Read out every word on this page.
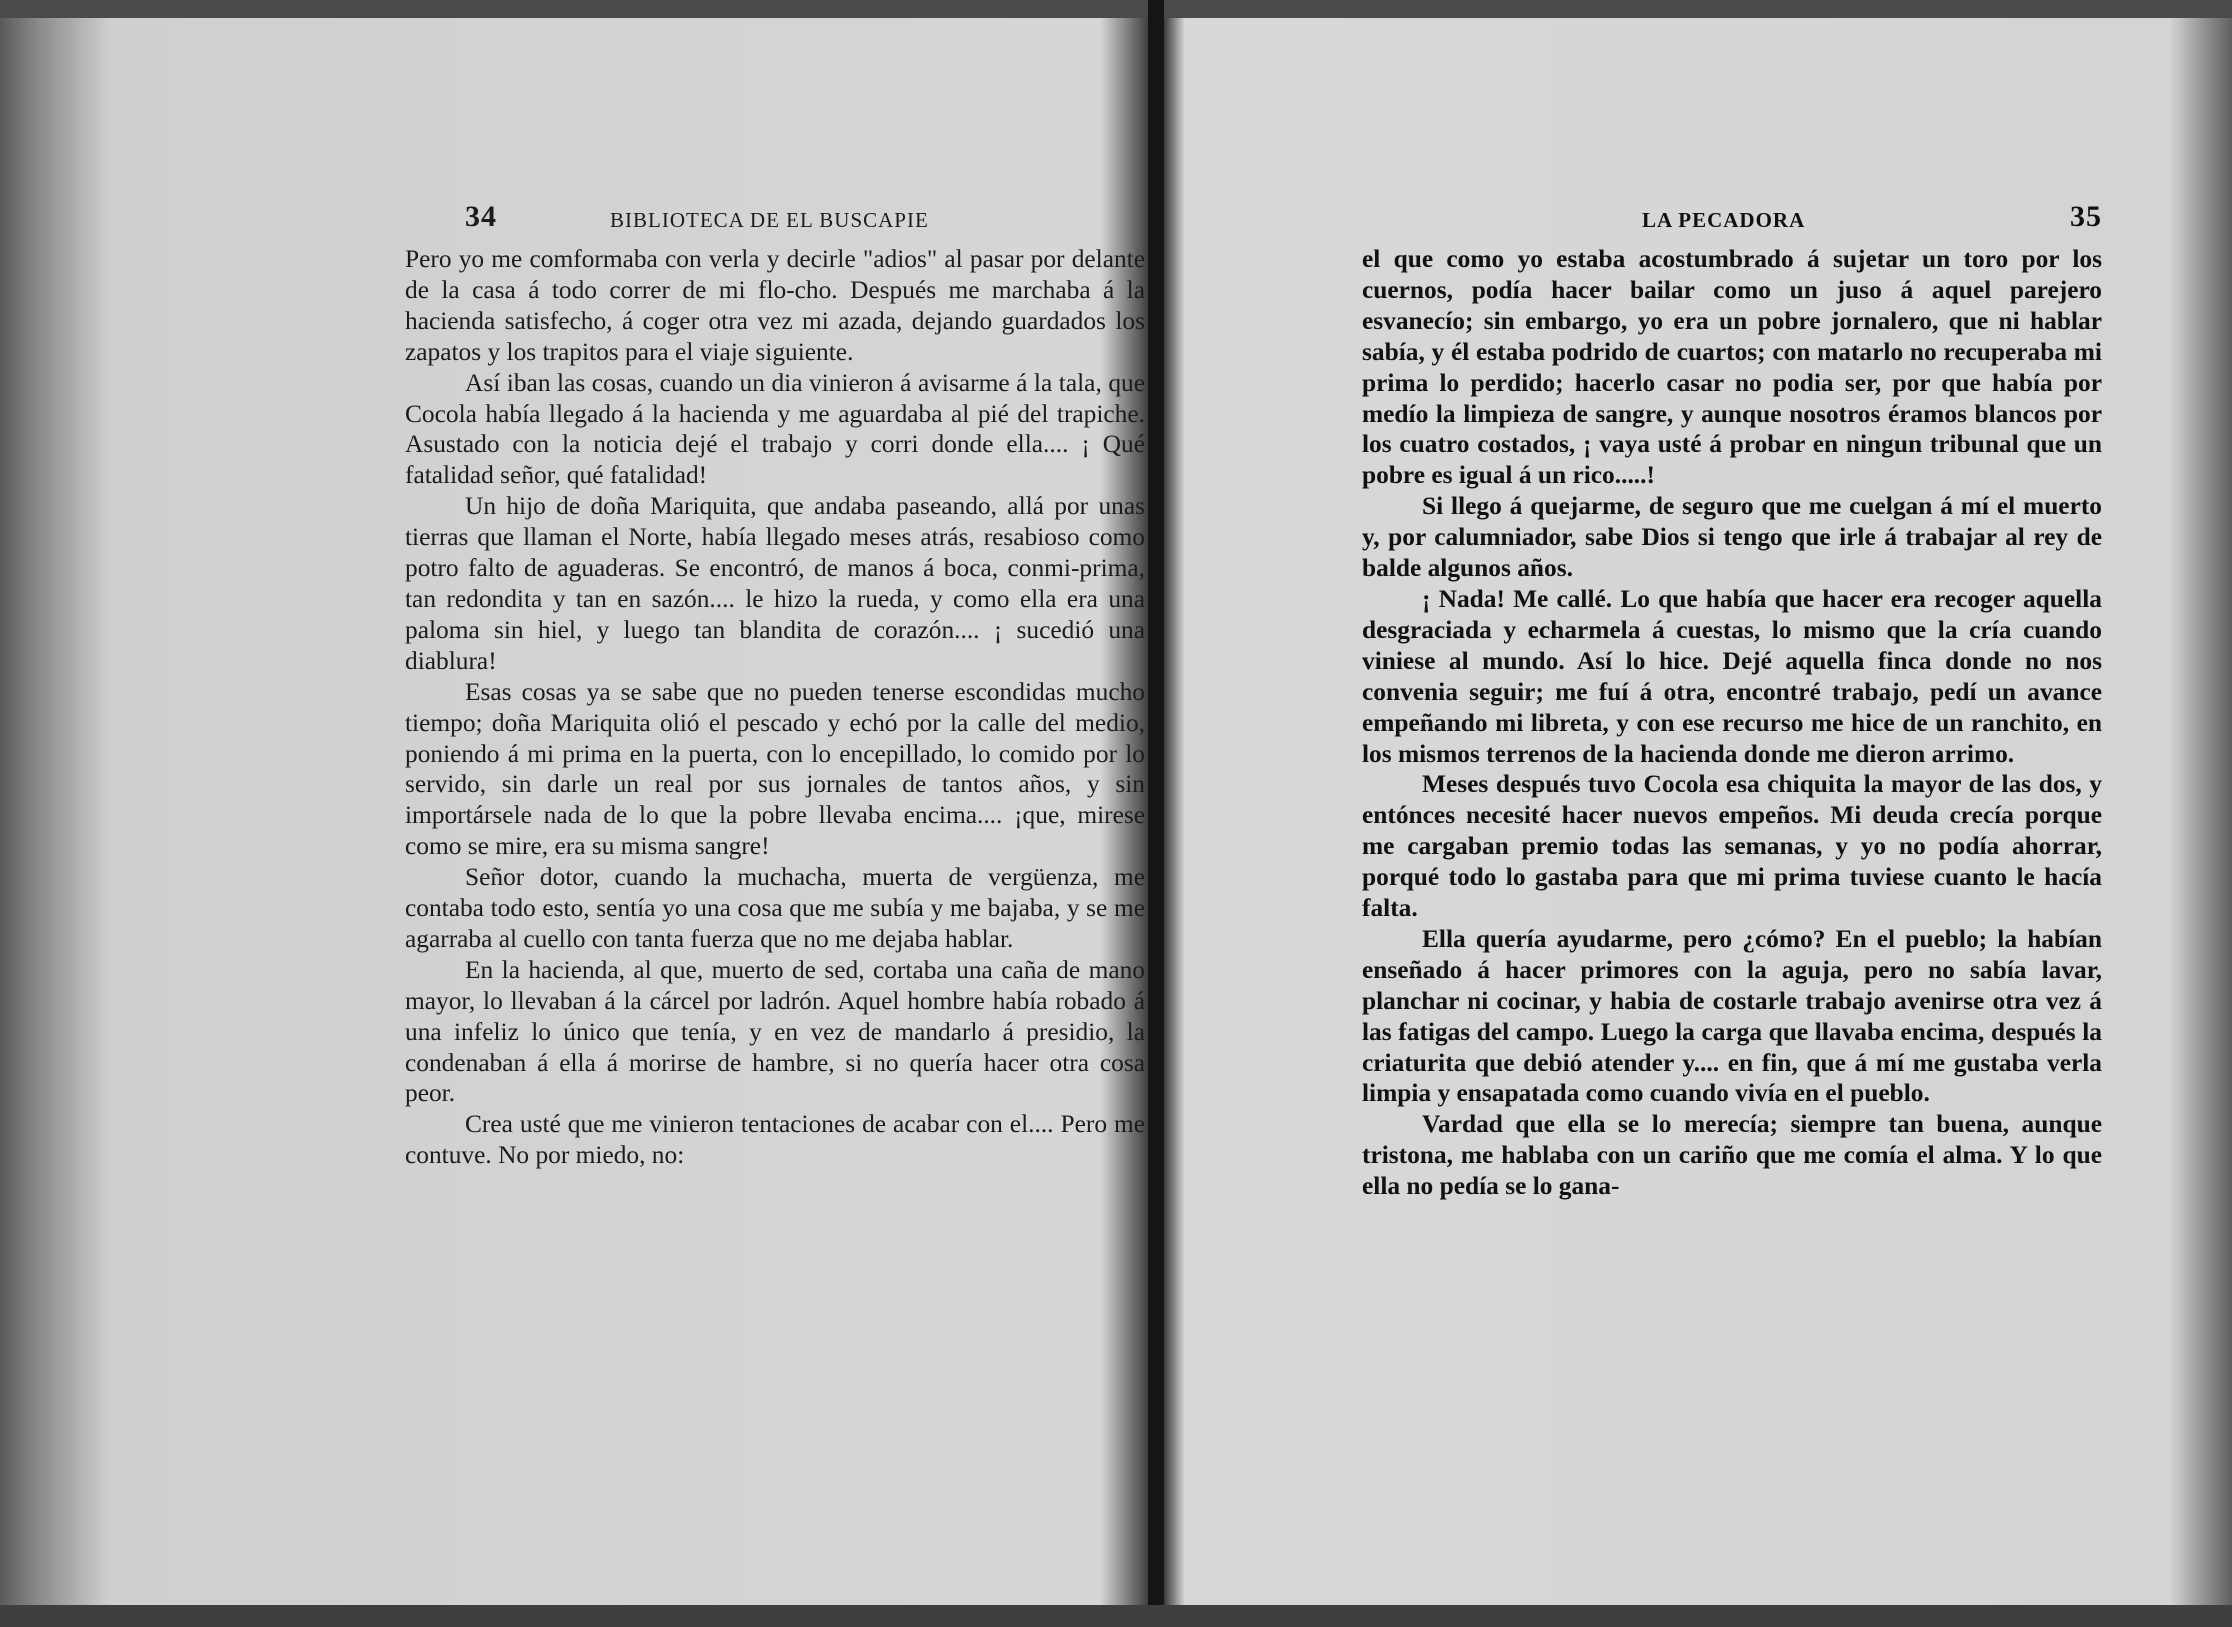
34	BIBLIOTECA DE EL BUSCAPIE

Pero yo me comformaba con verla y decirle "adios" al pasar por delante de la casa á todo correr de mi flo-cho. Después me marchaba á la hacienda satisfecho, á coger otra vez mi azada, dejando guardados los zapatos y los trapitos para el viaje siguiente.

Así iban las cosas, cuando un dia vinieron á avisarme á la tala, que Cocola había llegado á la hacienda y me aguardaba al pié del trapiche. Asustado con la noticia dejé el trabajo y corri donde ella.... ¡ Qué fatalidad señor, qué fatalidad!

Un hijo de doña Mariquita, que andaba paseando, allá por unas tierras que llaman el Norte, había llegado meses atrás, resabioso como potro falto de aguaderas. Se encontró, de manos á boca, conmi-prima, tan redondita y tan en sazón.... le hizo la rueda, y como ella era una paloma sin hiel, y luego tan blandita de corazón.... ¡ sucedió una diablura!

Esas cosas ya se sabe que no pueden tenerse escondidas mucho tiempo; doña Mariquita olió el pescado y echó por la calle del medio, poniendo á mi prima en la puerta, con lo encepillado, lo comido por lo servido, sin darle un real por sus jornales de tantos años, y sin importársele nada de lo que la pobre llevaba encima.... ¡que, mirese como se mire, era su misma sangre!

Señor dotor, cuando la muchacha, muerta de vergüenza, me contaba todo esto, sentía yo una cosa que me subía y me bajaba, y se me agarraba al cuello con tanta fuerza que no me dejaba hablar.

En la hacienda, al que, muerto de sed, cortaba una caña de mano mayor, lo llevaban á la cárcel por ladrón. Aquel hombre había robado á una infeliz lo único que tenía, y en vez de mandarlo á presidio, la condenaban á ella á morirse de hambre, si no quería hacer otra cosa peor.

Crea usté que me vinieron tentaciones de acabar con el.... Pero me contuve. No por miedo, no:

LA PECADORA	35

el que como yo estaba acostumbrado á sujetar un toro por los cuernos, podía hacer bailar como un juso á aquel parejero esvanecío; sin embargo, yo era un pobre jornalero, que ni hablar sabía, y él estaba podrido de cuartos; con matarlo no recuperaba mi prima lo perdido; hacerlo casar no podia ser, por que había por medío la limpieza de sangre, y aunque nosotros éramos blancos por los cuatro costados, ¡ vaya usté á probar en ningun tribunal que un pobre es igual á un rico.....!

Si llego á quejarme, de seguro que me cuelgan á mí el muerto y, por calumniador, sabe Dios si tengo que irle á trabajar al rey de balde algunos años.

¡ Nada! Me callé. Lo que había que hacer era recoger aquella desgraciada y echarmela á cuestas, lo mismo que la cría cuando viniese al mundo. Así lo hice. Dejé aquella finca donde no nos convenia seguir; me fuí á otra, encontré trabajo, pedí un avance empeñando mi libreta, y con ese recurso me hice de un ranchito, en los mismos terrenos de la hacienda donde me dieron arrimo.

Meses después tuvo Cocola esa chiquita la mayor de las dos, y entónces necesité hacer nuevos empeños. Mi deuda crecía porque me cargaban premio todas las semanas, y yo no podía ahorrar, porqué todo lo gastaba para que mi prima tuviese cuanto le hacía falta.

Ella quería ayudarme, pero ¿cómo? En el pueblo; la habían enseñado á hacer primores con la aguja, pero no sabía lavar, planchar ni cocinar, y habia de costarle trabajo avenirse otra vez á las fatigas del campo. Luego la carga que llavaba encima, después la criaturita que debió atender y.... en fin, que á mí me gustaba verla limpia y ensapatada como cuando vivía en el pueblo.

Vardad que ella se lo merecía; siempre tan buena, aunque tristona, me hablaba con un cariño que me comía el alma. Y lo que ella no pedía se lo gana-
